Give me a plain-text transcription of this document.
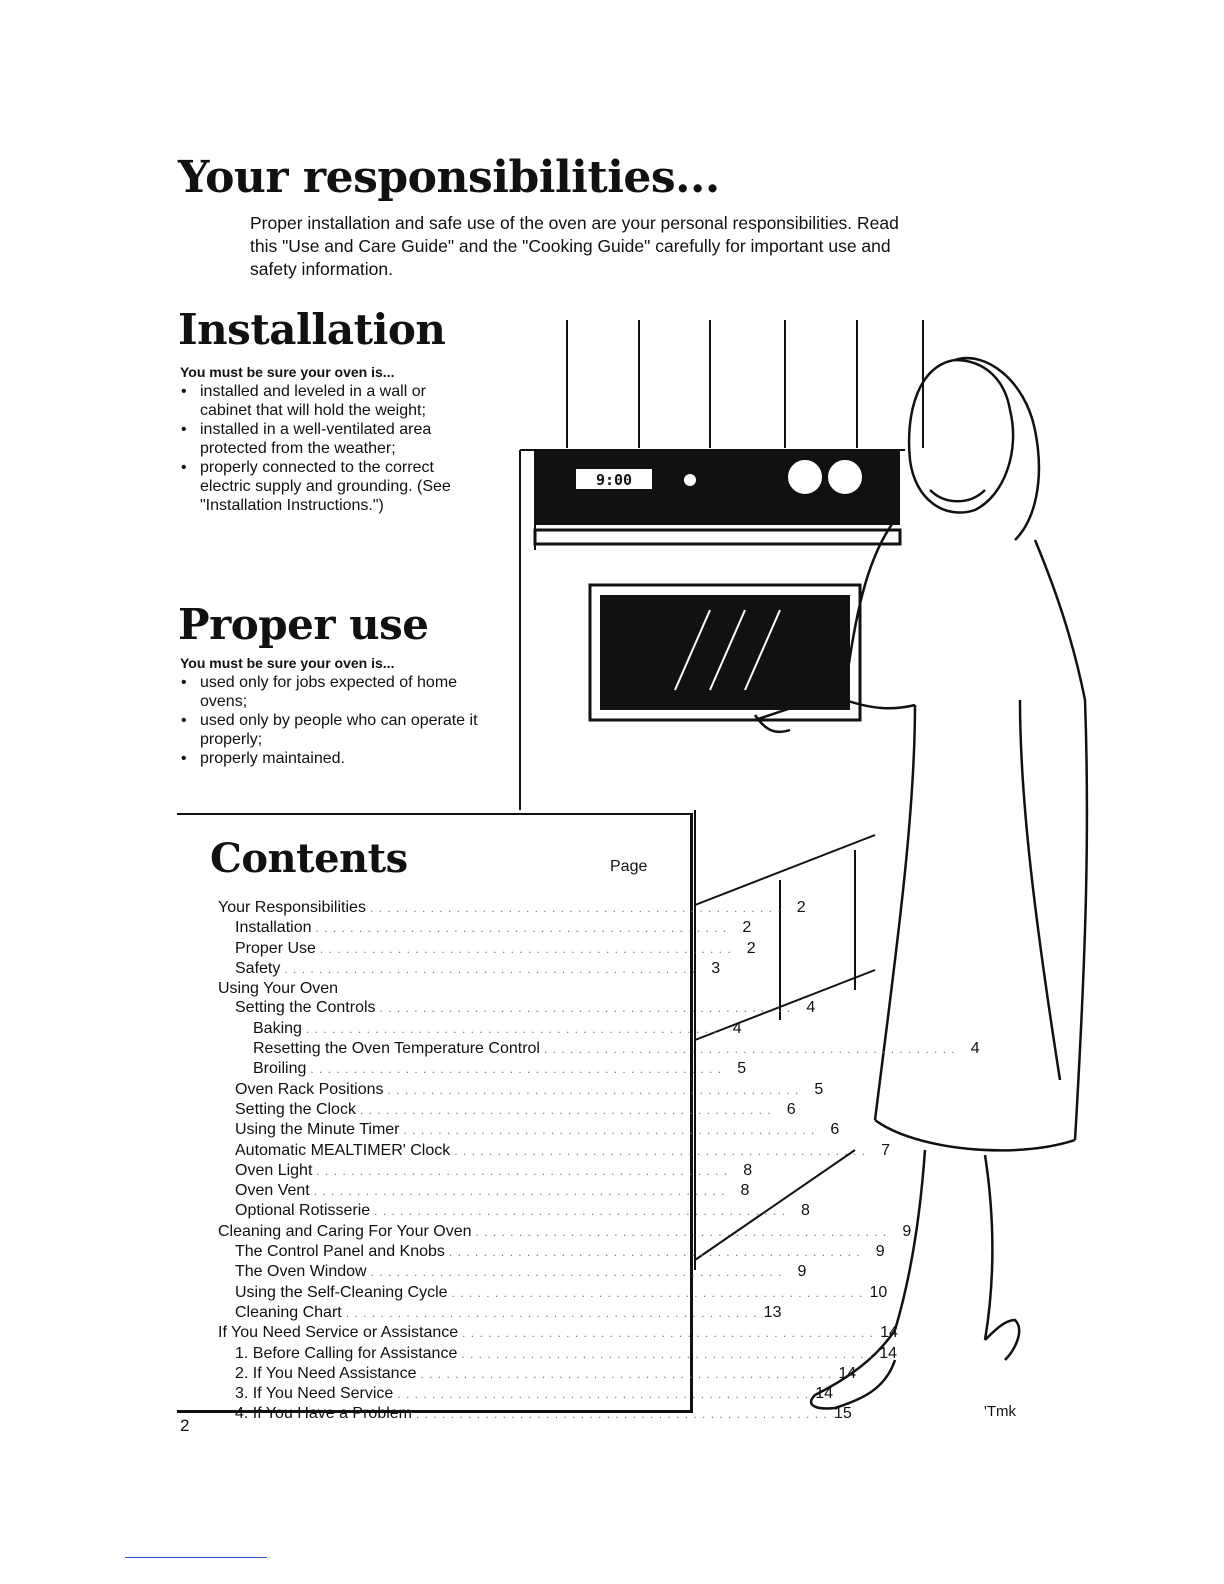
Your responsibilities...
Proper installation and safe use of the oven are your personal responsibilities. Read this "Use and Care Guide" and the "Cooking Guide" carefully for important use and safety information.
Installation
You must be sure your oven is...
• installed and leveled in a wall or cabinet that will hold the weight;
• installed in a well-ventilated area protected from the weather;
• properly connected to the correct electric supply and grounding. (See "Installation Instructions.")
Proper use
You must be sure your oven is...
• used only for jobs expected of home ovens;
• used only by people who can operate it properly;
• properly maintained.
9:00
Contents	Page
Your Responsibilities . . . . . . . . . . . . . . . . . . . . . . . . . . . . . . . . . . . . . . . . . . . . . . . . 2
Installation . . . . . . . . . . . . . . . . . . . . . . . . . . . . . . . . . . . . . . . . . . . . . . . . 2
Proper Use . . . . . . . . . . . . . . . . . . . . . . . . . . . . . . . . . . . . . . . . . . . . . . . . 2
Safety . . . . . . . . . . . . . . . . . . . . . . . . . . . . . . . . . . . . . . . . . . . . . . . . 3
Using Your Oven
Setting the Controls . . . . . . . . . . . . . . . . . . . . . . . . . . . . . . . . . . . . . . . . . . . . . . . . 4
Baking . . . . . . . . . . . . . . . . . . . . . . . . . . . . . . . . . . . . . . . . . . . . . . . . 4
Resetting the Oven Temperature Control . . . . . . . . . . . . . . . . . . . . . . . . . . . . . . . . . . . . . . . . . . . . . . . . 4
Broiling . . . . . . . . . . . . . . . . . . . . . . . . . . . . . . . . . . . . . . . . . . . . . . . . 5
Oven Rack Positions . . . . . . . . . . . . . . . . . . . . . . . . . . . . . . . . . . . . . . . . . . . . . . . . 5
Setting the Clock . . . . . . . . . . . . . . . . . . . . . . . . . . . . . . . . . . . . . . . . . . . . . . . . 6
Using the Minute Timer . . . . . . . . . . . . . . . . . . . . . . . . . . . . . . . . . . . . . . . . . . . . . . . . 6
Automatic MEALTIMER' Clock . . . . . . . . . . . . . . . . . . . . . . . . . . . . . . . . . . . . . . . . . . . . . . . . 7
Oven Light . . . . . . . . . . . . . . . . . . . . . . . . . . . . . . . . . . . . . . . . . . . . . . . . 8
Oven Vent . . . . . . . . . . . . . . . . . . . . . . . . . . . . . . . . . . . . . . . . . . . . . . . . 8
Optional Rotisserie . . . . . . . . . . . . . . . . . . . . . . . . . . . . . . . . . . . . . . . . . . . . . . . . 8
Cleaning and Caring For Your Oven . . . . . . . . . . . . . . . . . . . . . . . . . . . . . . . . . . . . . . . . . . . . . . . . 9
The Control Panel and Knobs . . . . . . . . . . . . . . . . . . . . . . . . . . . . . . . . . . . . . . . . . . . . . . . . 9
The Oven Window . . . . . . . . . . . . . . . . . . . . . . . . . . . . . . . . . . . . . . . . . . . . . . . . 9
Using the Self-Cleaning Cycle . . . . . . . . . . . . . . . . . . . . . . . . . . . . . . . . . . . . . . . . . . . . . . . . 10
Cleaning Chart . . . . . . . . . . . . . . . . . . . . . . . . . . . . . . . . . . . . . . . . . . . . . . . . 13
If You Need Service or Assistance . . . . . . . . . . . . . . . . . . . . . . . . . . . . . . . . . . . . . . . . . . . . . . . . 14
1. Before Calling for Assistance . . . . . . . . . . . . . . . . . . . . . . . . . . . . . . . . . . . . . . . . . . . . . . . . 14
2. If You Need Assistance . . . . . . . . . . . . . . . . . . . . . . . . . . . . . . . . . . . . . . . . . . . . . . . . 14
3. If You Need Service . . . . . . . . . . . . . . . . . . . . . . . . . . . . . . . . . . . . . . . . . . . . . . . . 14
4. If You Have a Problem . . . . . . . . . . . . . . . . . . . . . . . . . . . . . . . . . . . . . . . . . . . . . . . . 15
2
'Tmk
